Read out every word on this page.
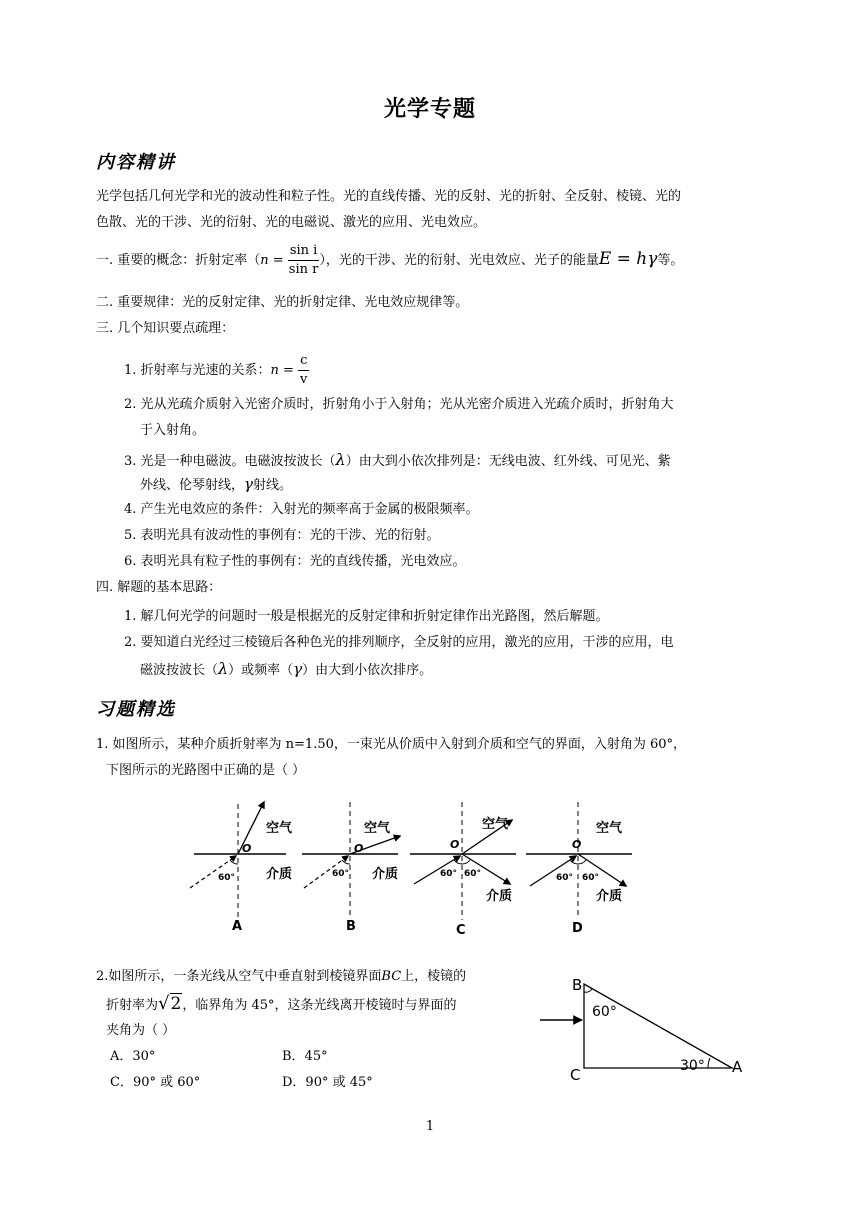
光学专题
内容精讲
光学包括几何光学和光的波动性和粒子性。光的直线传播、光的反射、光的折射、全反射、棱镜、光的
色散、光的干涉、光的衍射、光的电磁说、激光的应用、光电效应。
一. 重要的概念：折射定率（$n = \frac{\text{sin i}}{\text{sin r}}$ ），光的干涉、光的衍射、光电效应、光子的能量E = hγ等。
二. 重要规律：光的反射定律、光的折射定律、光电效应规律等。
三. 几个知识要点疏理：
1. 折射率与光速的关系：$n = \frac{c}{v}$
2. 光从光疏介质射入光密介质时，折射角小于入射角；光从光密介质进入光疏介质时，折射角大
于入射角。
3. 光是一种电磁波。电磁波按波长（λ）由大到小依次排列是：无线电波、红外线、可见光、紫
外线、伦琴射线，γ射线。
4. 产生光电效应的条件：入射光的频率高于金属的极限频率。
5. 表明光具有波动性的事例有：光的干涉、光的衍射。
6. 表明光具有粒子性的事例有：光的直线传播，光电效应。
四. 解题的基本思路：
1. 解几何光学的问题时一般是根据光的反射定律和折射定律作出光路图，然后解题。
2. 要知道白光经过三棱镜后各种色光的排列顺序，全反射的应用，激光的应用，干涉的应用，电
磁波按波长（λ）或频率（γ）由大到小依次排序。
习题精选
1. 如图所示，某种介质折射率为 n=1.50，一束光从价质中入射到介质和空气的界面，入射角为 60°，
下图所示的光路图中正确的是（ ）
O
60°
空气
介质
A
O
60°
空气
介质
B
O
60° 60°
空气
介质
C
O
60° 60°
空气
介质
D
2.如图所示，一条光线从空气中垂直射到棱镜界面BC上，棱镜的
折射率为√2，临界角为 45°，这条光线离开棱镜时与界面的
夹角为（ ）
A．30°	B．45°
C．90° 或 60°	D．90° 或 45°
B
C	A
60°
30°
1
